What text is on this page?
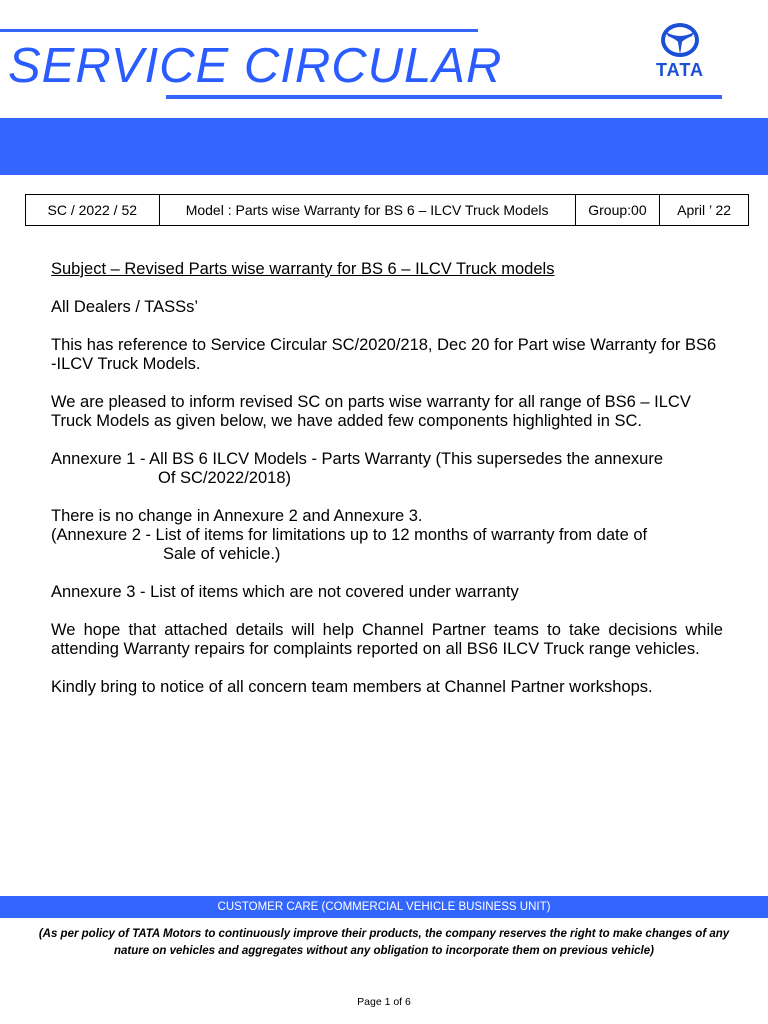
SERVICE CIRCULAR	TATA
SC / 2022 / 52	Model : Parts wise Warranty for BS 6 – ILCV Truck Models	Group:00	April ’ 22

Subject – Revised Parts wise warranty for BS 6 – ILCV Truck models

All Dealers / TASSs’

This has reference to Service Circular SC/2020/218, Dec 20 for Part wise Warranty for BS6 -ILCV Truck Models.

We are pleased to inform revised SC on parts wise warranty for all range of BS6 – ILCV Truck Models as given below, we have added few components highlighted in SC.

Annexure 1 - All BS 6 ILCV Models - Parts Warranty (This supersedes the annexure

Of SC/2022/2018)

There is no change in Annexure 2 and Annexure 3.

(Annexure 2 - List of items for limitations up to 12 months of warranty from date of

Sale of vehicle.)

Annexure 3 - List of items which are not covered under warranty

We hope that attached details will help Channel Partner teams to take decisions while attending Warranty repairs for complaints reported on all BS6 ILCV Truck range vehicles.

Kindly bring to notice of all concern team members at Channel Partner workshops.

CUSTOMER CARE (COMMERCIAL VEHICLE BUSINESS UNIT)
(As per policy of TATA Motors to continuously improve their products, the company reserves the right to make changes of any nature on vehicles and aggregates without any obligation to incorporate them on previous vehicle)
Page 1 of 6
